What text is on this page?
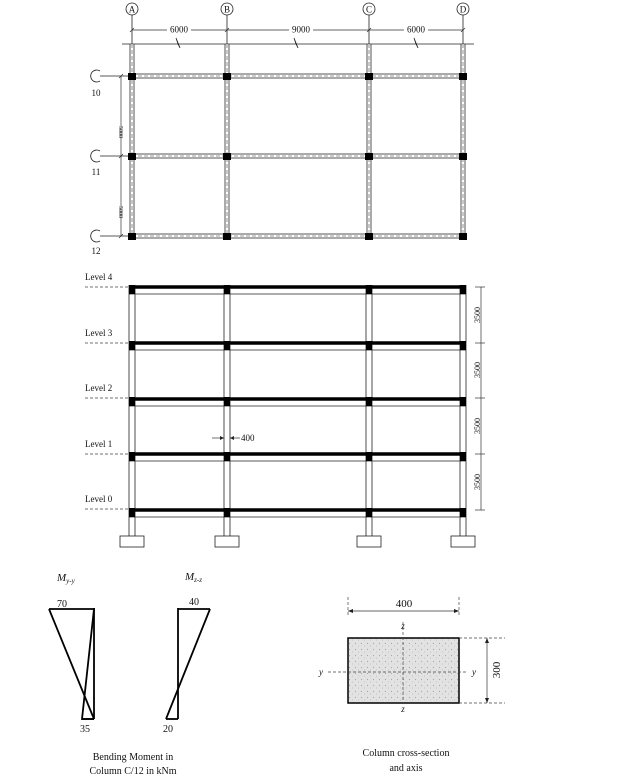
A	B	C	D
6000	9000	6000
10
11
12
5000
5000
Level 4
Level 3
Level 2
Level 1
Level 0
400
3500
3500
3500
3500
My-y
70
35
Mz-z
40
20
Bending Moment in
Column C/12 in kNm
400
z
z
y	y 300
Column cross-section
and axis
